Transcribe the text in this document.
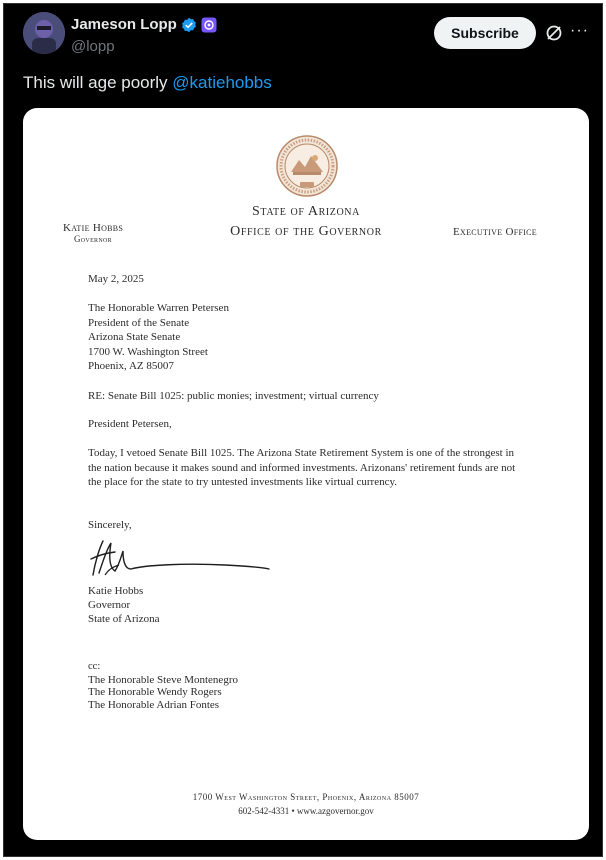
Jameson Lopp
@lopp
Subscribe	···
This will age poorly @katiehobbs
State of Arizona
Office of the Governor
Katie Hobbs
Governor
Executive Office
May 2, 2025
The Honorable Warren Petersen
President of the Senate
Arizona State Senate
1700 W. Washington Street
Phoenix, AZ 85007
RE: Senate Bill 1025: public monies; investment; virtual currency
President Petersen,
Today, I vetoed Senate Bill 1025. The Arizona State Retirement System is one of the strongest in the nation because it makes sound and informed investments. Arizonans' retirement funds are not the place for the state to try untested investments like virtual currency.
Sincerely,
Katie Hobbs
Governor
State of Arizona
cc:
The Honorable Steve Montenegro
The Honorable Wendy Rogers
The Honorable Adrian Fontes
1700 West Washington Street, Phoenix, Arizona 85007
602-542-4331 • www.azgovernor.gov
